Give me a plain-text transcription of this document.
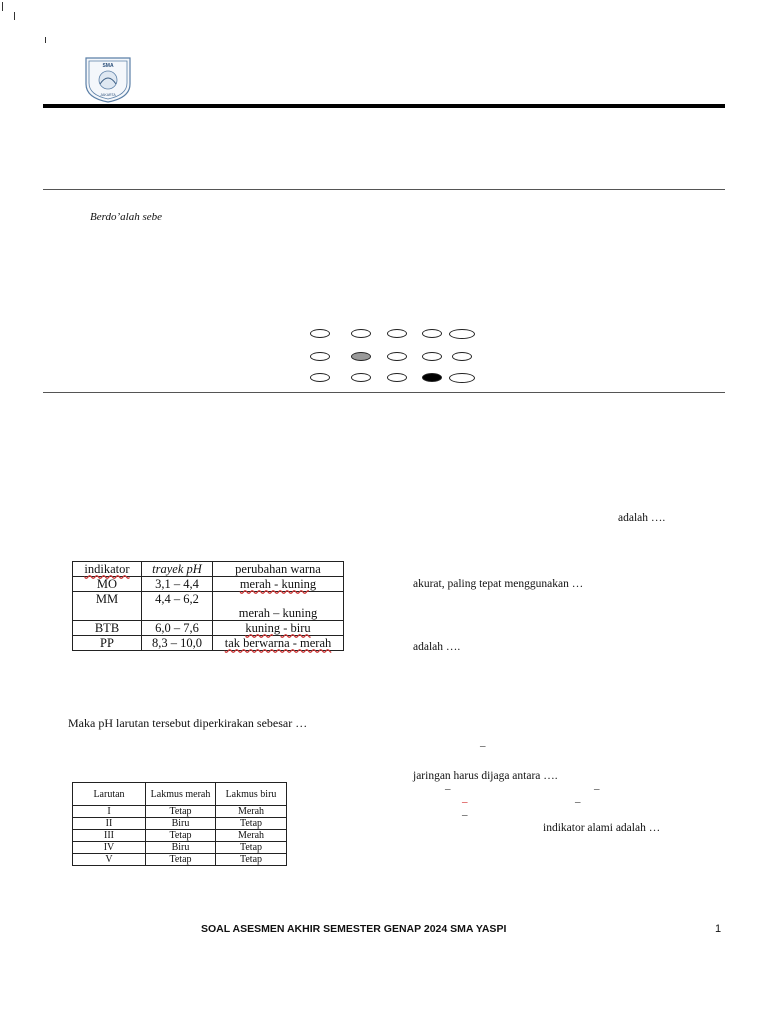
SMA
JAKARTA
Berdo’alah sebe
adalah ….
akurat, paling tepat menggunakan …
adalah ….
Maka pH larutan tersebut diperkirakan sebesar …
jaringan harus dijaga antara ….
indikator alami adalah …
indikator	trayek pH	perubahan warna
MO	3,1 – 4,4	merah - kuning
MM	4,4 – 6,2	merah – kuning
BTB	6,0 – 7,6	kuning - biru
PP	8,3 – 10,0	tak berwarna - merah
Larutan	Lakmus merah	Lakmus biru
I	Tetap	Merah
II	Biru	Tetap
III	Tetap	Merah
IV	Biru	Tetap
V	Tetap	Tetap
–
–	–
–	–
–
SOAL ASESMEN AKHIR SEMESTER GENAP 2024 SMA YASPI	1
